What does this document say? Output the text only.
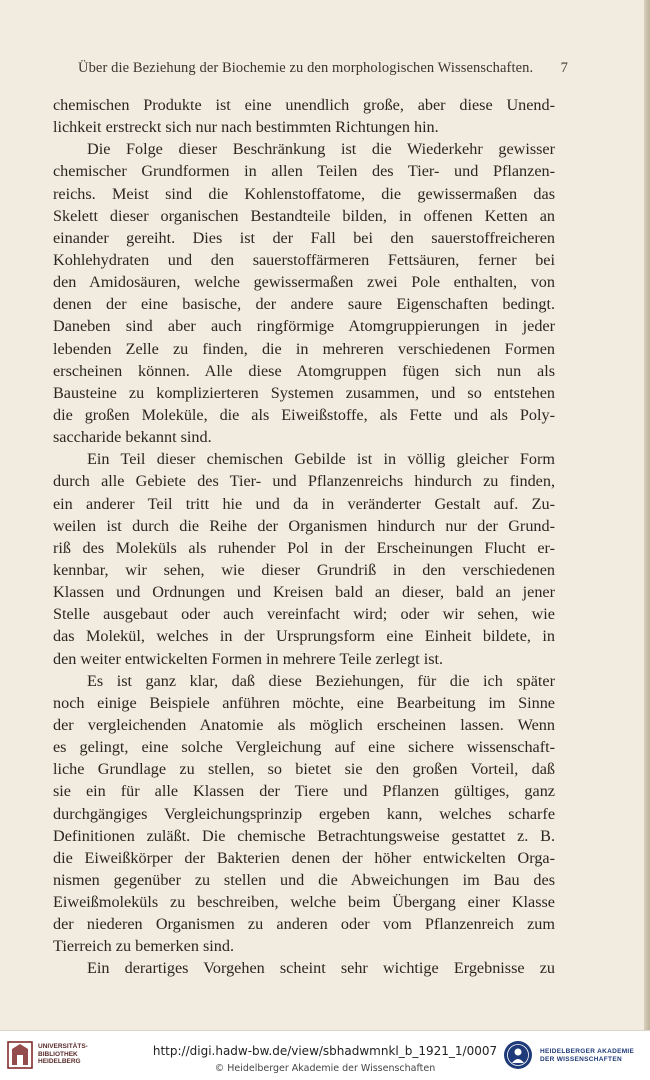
Über die Beziehung der Biochemie zu den morphologischen Wissenschaften. 7
chemischen Produkte ist eine unendlich große, aber diese Unend-
lichkeit erstreckt sich nur nach bestimmten Richtungen hin.
Die Folge dieser Beschränkung ist die Wiederkehr gewisser
chemischer Grundformen in allen Teilen des Tier- und Pflanzen-
reichs. Meist sind die Kohlenstoffatome, die gewissermaßen das
Skelett dieser organischen Bestandteile bilden, in offenen Ketten an
einander gereiht. Dies ist der Fall bei den sauerstoffreicheren
Kohlehydraten und den sauerstoffärmeren Fettsäuren, ferner bei
den Amidosäuren, welche gewissermaßen zwei Pole enthalten, von
denen der eine basische, der andere saure Eigenschaften bedingt.
Daneben sind aber auch ringförmige Atomgruppierungen in jeder
lebenden Zelle zu finden, die in mehreren verschiedenen Formen
erscheinen können. Alle diese Atomgruppen fügen sich nun als
Bausteine zu komplizierteren Systemen zusammen, und so entstehen
die großen Moleküle, die als Eiweißstoffe, als Fette und als Poly-
saccharide bekannt sind.
Ein Teil dieser chemischen Gebilde ist in völlig gleicher Form
durch alle Gebiete des Tier- und Pflanzenreichs hindurch zu finden,
ein anderer Teil tritt hie und da in veränderter Gestalt auf. Zu-
weilen ist durch die Reihe der Organismen hindurch nur der Grund-
riß des Moleküls als ruhender Pol in der Erscheinungen Flucht er-
kennbar, wir sehen, wie dieser Grundriß in den verschiedenen
Klassen und Ordnungen und Kreisen bald an dieser, bald an jener
Stelle ausgebaut oder auch vereinfacht wird; oder wir sehen, wie
das Molekül, welches in der Ursprungsform eine Einheit bildete, in
den weiter entwickelten Formen in mehrere Teile zerlegt ist.
Es ist ganz klar, daß diese Beziehungen, für die ich später
noch einige Beispiele anführen möchte, eine Bearbeitung im Sinne
der vergleichenden Anatomie als möglich erscheinen lassen. Wenn
es gelingt, eine solche Vergleichung auf eine sichere wissenschaft-
liche Grundlage zu stellen, so bietet sie den großen Vorteil, daß
sie ein für alle Klassen der Tiere und Pflanzen gültiges, ganz
durchgängiges Vergleichungsprinzip ergeben kann, welches scharfe
Definitionen zuläßt. Die chemische Betrachtungsweise gestattet z. B.
die Eiweißkörper der Bakterien denen der höher entwickelten Orga-
nismen gegenüber zu stellen und die Abweichungen im Bau des
Eiweißmoleküls zu beschreiben, welche beim Übergang einer Klasse
der niederen Organismen zu anderen oder vom Pflanzenreich zum
Tierreich zu bemerken sind.
Ein derartiges Vorgehen scheint sehr wichtige Ergebnisse zu
UNIVERSITÄTS-
BIBLIOTHEK
HEIDELBERG
http://digi.hadw-bw.de/view/sbhadwmnkl_b_1921_1/0007
© Heidelberger Akademie der Wissenschaften
HEIDELBERGER AKADEMIE
DER WISSENSCHAFTEN
